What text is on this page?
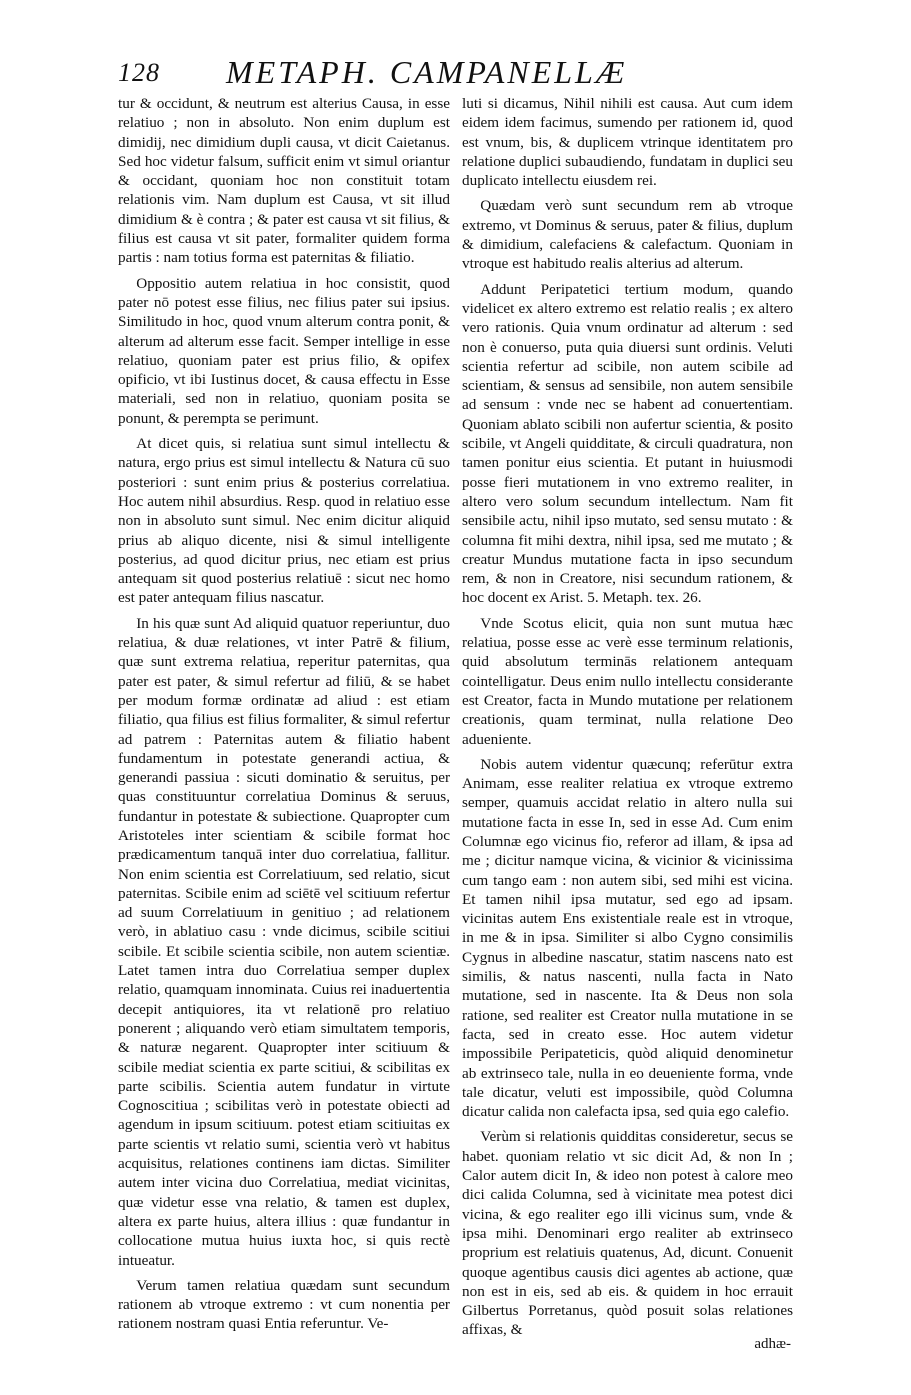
128 METAPH. CAMPANELLÆ

tur & occidunt, & neutrum est alterius Causa, in esse relatiuo ; non in absoluto. Non enim duplum est dimidij, nec dimidium dupli causa, vt dicit Caietanus. Sed hoc videtur falsum, sufficit enim vt simul oriantur & occidant, quoniam hoc non constituit totam relationis vim. Nam duplum est Causa, vt sit illud dimidium & è contra ; & pater est causa vt sit filius, & filius est causa vt sit pater, formaliter quidem forma partis : nam totius forma est paternitas & filiatio.

Oppositio autem relatiua in hoc consistit, quod pater nō potest esse filius, nec filius pater sui ipsius. Similitudo in hoc, quod vnum alterum contra ponit, & alterum ad alterum esse facit. Semper intellige in esse relatiuo, quoniam pater est prius filio, & opifex opificio, vt ibi Iustinus docet, & causa effectu in Esse materiali, sed non in relatiuo, quoniam posita se ponunt, & perempta se perimunt.

At dicet quis, si relatiua sunt simul intellectu & natura, ergo prius est simul intellectu & Natura cū suo posteriori : sunt enim prius & posterius correlatiua. Hoc autem nihil absurdius. Resp. quod in relatiuo esse non in absoluto sunt simul. Nec enim dicitur aliquid prius ab aliquo dicente, nisi & simul intelligente posterius, ad quod dicitur prius, nec etiam est prius antequam sit quod posterius relatiuē : sicut nec homo est pater antequam filius nascatur.

In his quæ sunt Ad aliquid quatuor reperiuntur, duo relatiua, & duæ relationes, vt inter Patrē & filium, quæ sunt extrema relatiua, reperitur paternitas, qua pater est pater, & simul refertur ad filiū, & se habet per modum formæ ordinatæ ad aliud : est etiam filiatio, qua filius est filius formaliter, & simul refertur ad patrem : Paternitas autem & filiatio habent fundamentum in potestate generandi actiua, & generandi passiua : sicuti dominatio & seruitus, per quas constituuntur correlatiua Dominus & seruus, fundantur in potestate & subiectione. Quapropter cum Aristoteles inter scientiam & scibile format hoc prædicamentum tanquā inter duo correlatiua, fallitur. Non enim scientia est Correlatiuum, sed relatio, sicut paternitas. Scibile enim ad sciētē vel scitiuum refertur ad suum Correlatiuum in genitiuo ; ad relationem verò, in ablatiuo casu : vnde dicimus, scibile scitiui scibile. Et scibile scientia scibile, non autem scientiæ. Latet tamen intra duo Correlatiua semper duplex relatio, quamquam innominata. Cuius rei inaduertentia decepit antiquiores, ita vt relationē pro relatiuo ponerent ; aliquando verò etiam simultatem temporis, & naturæ negarent. Quapropter inter scitiuum & scibile mediat scientia ex parte scitiui, & scibilitas ex parte scibilis. Scientia autem fundatur in virtute Cognoscitiua ; scibilitas verò in potestate obiecti ad agendum in ipsum scitiuum. potest etiam scitiuitas ex parte scientis vt relatio sumi, scientia verò vt habitus acquisitus, relationes continens iam dictas. Similiter autem inter vicina duo Correlatiua, mediat vicinitas, quæ videtur esse vna relatio, & tamen est duplex, altera ex parte huius, altera illius : quæ fundantur in collocatione mutua huius iuxta hoc, si quis rectè intueatur.

Verum tamen relatiua quædam sunt secundum rationem ab vtroque extremo : vt cum nonentia per rationem nostram quasi Entia referuntur. Ve-

luti si dicamus, Nihil nihili est causa. Aut cum idem eidem idem facimus, sumendo per rationem id, quod est vnum, bis, & duplicem vtrinque identitatem pro relatione duplici subaudiendo, fundatam in duplici seu duplicato intellectu eiusdem rei.

Quædam verò sunt secundum rem ab vtroque extremo, vt Dominus & seruus, pater & filius, duplum & dimidium, calefaciens & calefactum. Quoniam in vtroque est habitudo realis alterius ad alterum.

Addunt Peripatetici tertium modum, quando videlicet ex altero extremo est relatio realis ; ex altero vero rationis. Quia vnum ordinatur ad alterum : sed non è conuerso, puta quia diuersi sunt ordinis. Veluti scientia refertur ad scibile, non autem scibile ad scientiam, & sensus ad sensibile, non autem sensibile ad sensum : vnde nec se habent ad conuertentiam. Quoniam ablato scibili non aufertur scientia, & posito scibile, vt Angeli quidditate, & circuli quadratura, non tamen ponitur eius scientia. Et putant in huiusmodi posse fieri mutationem in vno extremo realiter, in altero vero solum secundum intellectum. Nam fit sensibile actu, nihil ipso mutato, sed sensu mutato : & columna fit mihi dextra, nihil ipsa, sed me mutato ; & creatur Mundus mutatione facta in ipso secundum rem, & non in Creatore, nisi secundum rationem, & hoc docent ex Arist. 5. Metaph. tex. 26.

Vnde Scotus elicit, quia non sunt mutua hæc relatiua, posse esse ac verè esse terminum relationis, quid absolutum terminās relationem antequam cointelligatur. Deus enim nullo intellectu considerante est Creator, facta in Mundo mutatione per relationem creationis, quam terminat, nulla relatione Deo adueniente.

Nobis autem videntur quæcunq; referūtur extra Animam, esse realiter relatiua ex vtroque extremo semper, quamuis accidat relatio in altero nulla sui mutatione facta in esse In, sed in esse Ad. Cum enim Columnæ ego vicinus fio, referor ad illam, & ipsa ad me ; dicitur namque vicina, & vicinior & vicinissima cum tango eam : non autem sibi, sed mihi est vicina. Et tamen nihil ipsa mutatur, sed ego ad ipsam. vicinitas autem Ens existentiale reale est in vtroque, in me & in ipsa. Similiter si albo Cygno consimilis Cygnus in albedine nascatur, statim nascens nato est similis, & natus nascenti, nulla facta in Nato mutatione, sed in nascente. Ita & Deus non sola ratione, sed realiter est Creator nulla mutatione in se facta, sed in creato esse. Hoc autem videtur impossibile Peripateticis, quòd aliquid denominetur ab extrinseco tale, nulla in eo deueniente forma, vnde tale dicatur, veluti est impossibile, quòd Columna dicatur calida non calefacta ipsa, sed quia ego calefio.

Verùm si relationis quidditas consideretur, secus se habet. quoniam relatio vt sic dicit Ad, & non In ; Calor autem dicit In, & ideo non potest à calore meo dici calida Columna, sed à vicinitate mea potest dici vicina, & ego realiter ego illi vicinus sum, vnde & ipsa mihi. Denominari ergo realiter ab extrinseco proprium est relatiuis quatenus, Ad, dicunt. Conuenit quoque agentibus causis dici agentes ab actione, quæ non est in eis, sed ab eis. & quidem in hoc errauit Gilbertus Porretanus, quòd posuit solas relationes affixas, &

adhæ-
